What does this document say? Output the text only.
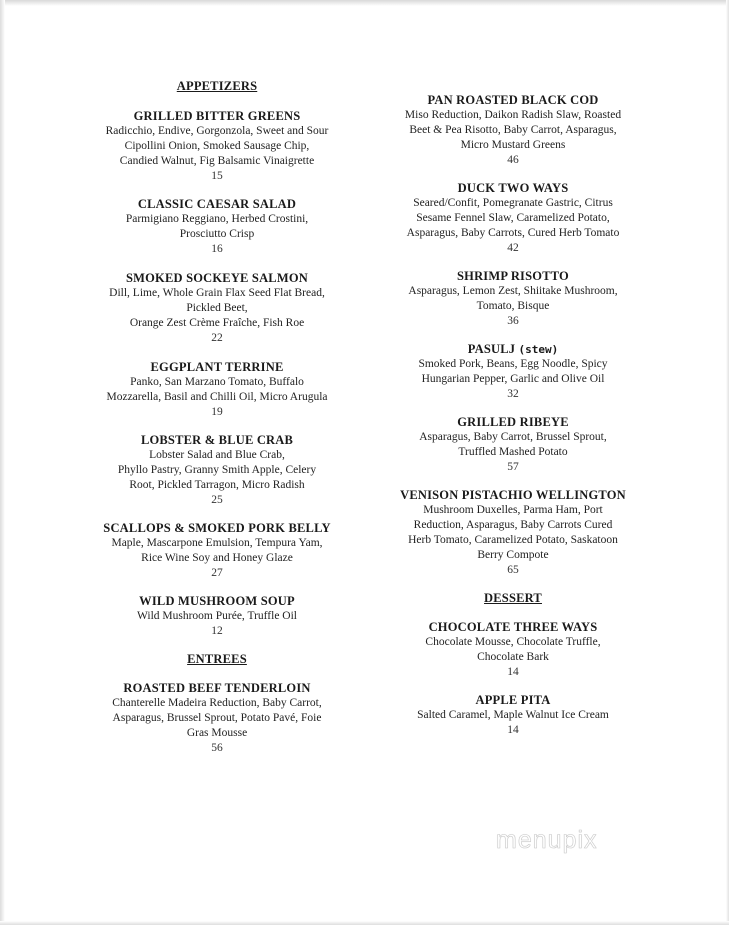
APPETIZERS
GRILLED BITTER GREENS
Radicchio, Endive, Gorgonzola, Sweet and Sour
Cipollini Onion, Smoked Sausage Chip,
Candied Walnut, Fig Balsamic Vinaigrette
15
CLASSIC CAESAR SALAD
Parmigiano Reggiano, Herbed Crostini,
Prosciutto Crisp
16
SMOKED SOCKEYE SALMON
Dill, Lime, Whole Grain Flax Seed Flat Bread,
Pickled Beet,
Orange Zest Crème Fraîche, Fish Roe
22
EGGPLANT TERRINE
Panko, San Marzano Tomato, Buffalo
Mozzarella, Basil and Chilli Oil, Micro Arugula
19
LOBSTER & BLUE CRAB
Lobster Salad and Blue Crab,
Phyllo Pastry, Granny Smith Apple, Celery
Root, Pickled Tarragon, Micro Radish
25
SCALLOPS & SMOKED PORK BELLY
Maple, Mascarpone Emulsion, Tempura Yam,
Rice Wine Soy and Honey Glaze
27
WILD MUSHROOM SOUP
Wild Mushroom Purée, Truffle Oil
12
ENTREES
ROASTED BEEF TENDERLOIN
Chanterelle Madeira Reduction, Baby Carrot,
Asparagus, Brussel Sprout, Potato Pavé, Foie
Gras Mousse
56
PAN ROASTED BLACK COD
Miso Reduction, Daikon Radish Slaw, Roasted
Beet & Pea Risotto, Baby Carrot, Asparagus,
Micro Mustard Greens
46
DUCK TWO WAYS
Seared/Confit, Pomegranate Gastric, Citrus
Sesame Fennel Slaw, Caramelized Potato,
Asparagus, Baby Carrots, Cured Herb Tomato
42
SHRIMP RISOTTO
Asparagus, Lemon Zest, Shiitake Mushroom,
Tomato, Bisque
36
PASULJ (stew)
Smoked Pork, Beans, Egg Noodle, Spicy
Hungarian Pepper, Garlic and Olive Oil
32
GRILLED RIBEYE
Asparagus, Baby Carrot, Brussel Sprout,
Truffled Mashed Potato
57
VENISON PISTACHIO WELLINGTON
Mushroom Duxelles, Parma Ham, Port
Reduction, Asparagus, Baby Carrots Cured
Herb Tomato, Caramelized Potato, Saskatoon
Berry Compote
65
DESSERT
CHOCOLATE THREE WAYS
Chocolate Mousse, Chocolate Truffle,
Chocolate Bark
14
APPLE PITA
Salted Caramel, Maple Walnut Ice Cream
14
menupix
